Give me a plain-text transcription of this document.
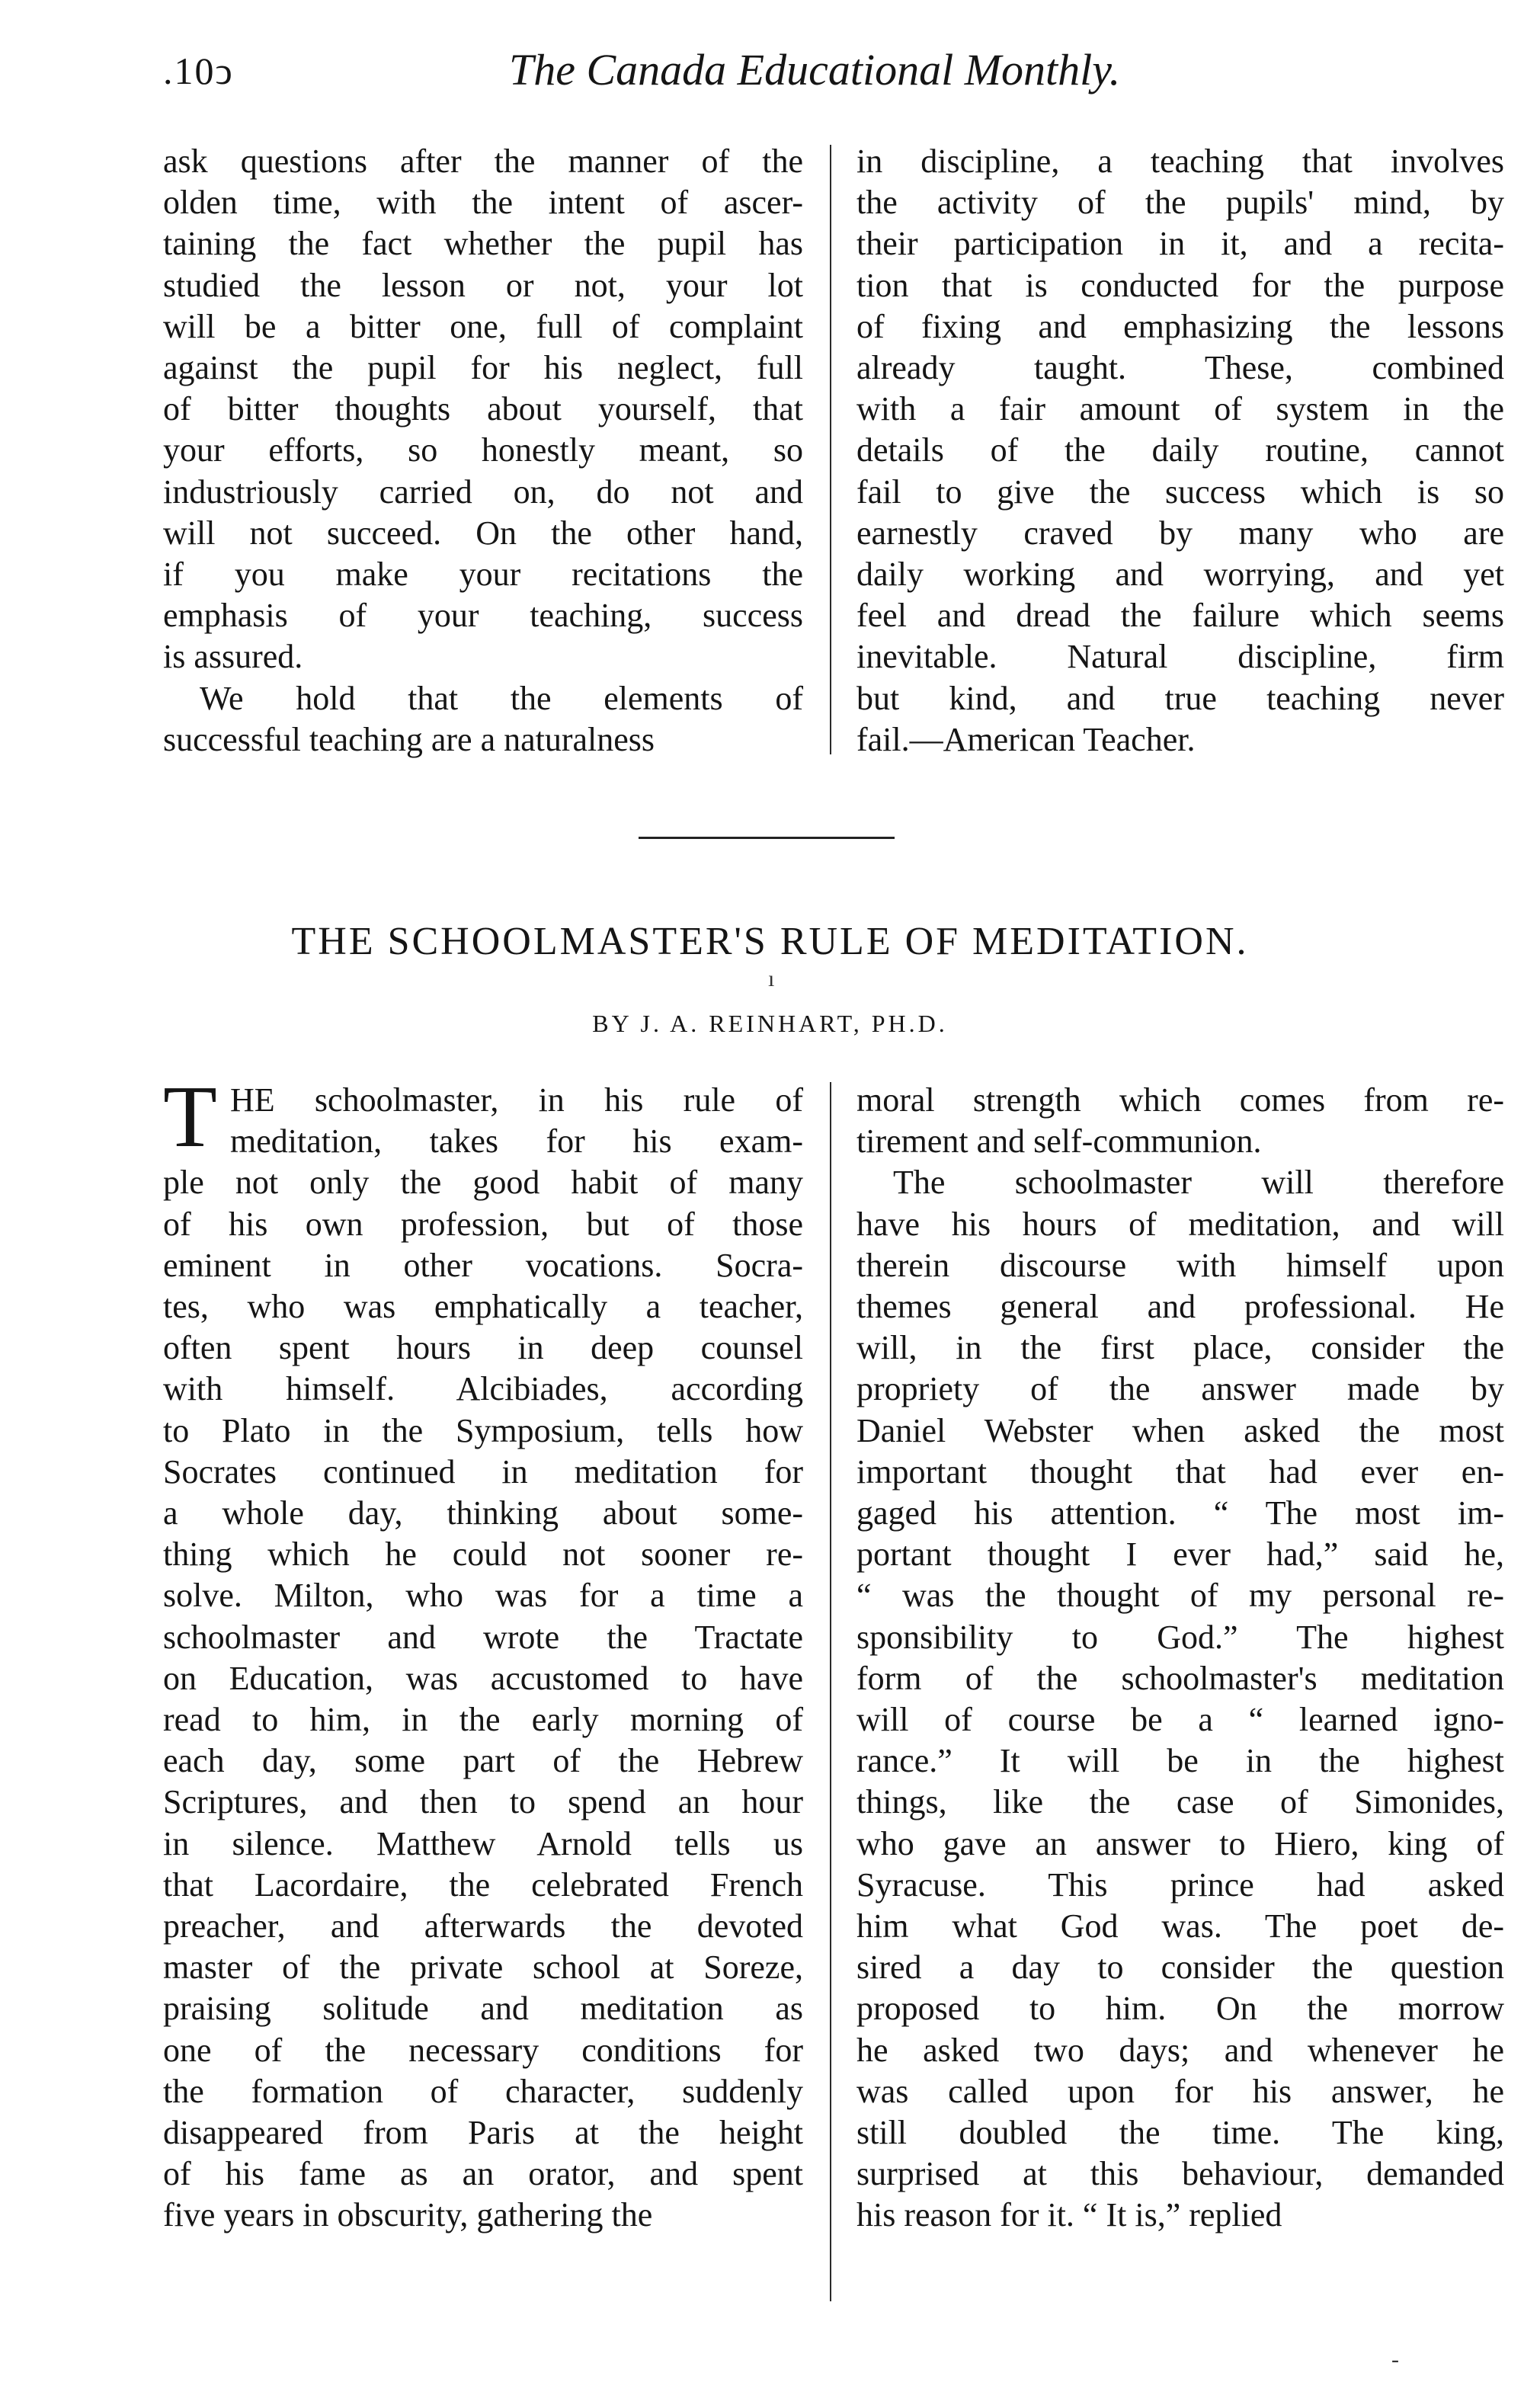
.10ↄ	The Canada Educational Monthly.
ask questions after the manner of the
olden time, with the intent of ascer-
taining the fact whether the pupil has
studied the lesson or not, your lot
will be a bitter one, full of complaint
against the pupil for his neglect, full
of bitter thoughts about yourself, that
your efforts, so honestly meant, so
industriously carried on, do not and
will not succeed. On the other hand,
if you make your recitations the
emphasis of your teaching, success
is assured.
We hold that the elements of
successful teaching are a naturalness
in discipline, a teaching that involves
the activity of the pupils' mind, by
their participation in it, and a recita-
tion that is conducted for the purpose
of fixing and emphasizing the lessons
already taught. These, combined
with a fair amount of system in the
details of the daily routine, cannot
fail to give the success which is so
earnestly craved by many who are
daily working and worrying, and yet
feel and dread the failure which seems
inevitable. Natural discipline, firm
but kind, and true teaching never
fail.—American Teacher.
THE SCHOOLMASTER'S RULE OF MEDITATION.
ı
BY J. A. REINHART, PH.D.
T HE schoolmaster, in his rule of
meditation, takes for his exam-
ple not only the good habit of many
of his own profession, but of those
eminent in other vocations. Socra-
tes, who was emphatically a teacher,
often spent hours in deep counsel
with himself. Alcibiades, according
to Plato in the Symposium, tells how
Socrates continued in meditation for
a whole day, thinking about some-
thing which he could not sooner re-
solve. Milton, who was for a time a
schoolmaster and wrote the Tractate
on Education, was accustomed to have
read to him, in the early morning of
each day, some part of the Hebrew
Scriptures, and then to spend an hour
in silence. Matthew Arnold tells us
that Lacordaire, the celebrated French
preacher, and afterwards the devoted
master of the private school at Soreze,
praising solitude and meditation as
one of the necessary conditions for
the formation of character, suddenly
disappeared from Paris at the height
of his fame as an orator, and spent
five years in obscurity, gathering the
moral strength which comes from re-
tirement and self-communion.
The schoolmaster will therefore
have his hours of meditation, and will
therein discourse with himself upon
themes general and professional. He
will, in the first place, consider the
propriety of the answer made by
Daniel Webster when asked the most
important thought that had ever en-
gaged his attention. “ The most im-
portant thought I ever had,” said he,
“ was the thought of my personal re-
sponsibility to God.” The highest
form of the schoolmaster's meditation
will of course be a “ learned igno-
rance.” It will be in the highest
things, like the case of Simonides,
who gave an answer to Hiero, king of
Syracuse. This prince had asked
him what God was. The poet de-
sired a day to consider the question
proposed to him. On the morrow
he asked two days; and whenever he
was called upon for his answer, he
still doubled the time. The king,
surprised at this behaviour, demanded
his reason for it. “ It is,” replied
-
